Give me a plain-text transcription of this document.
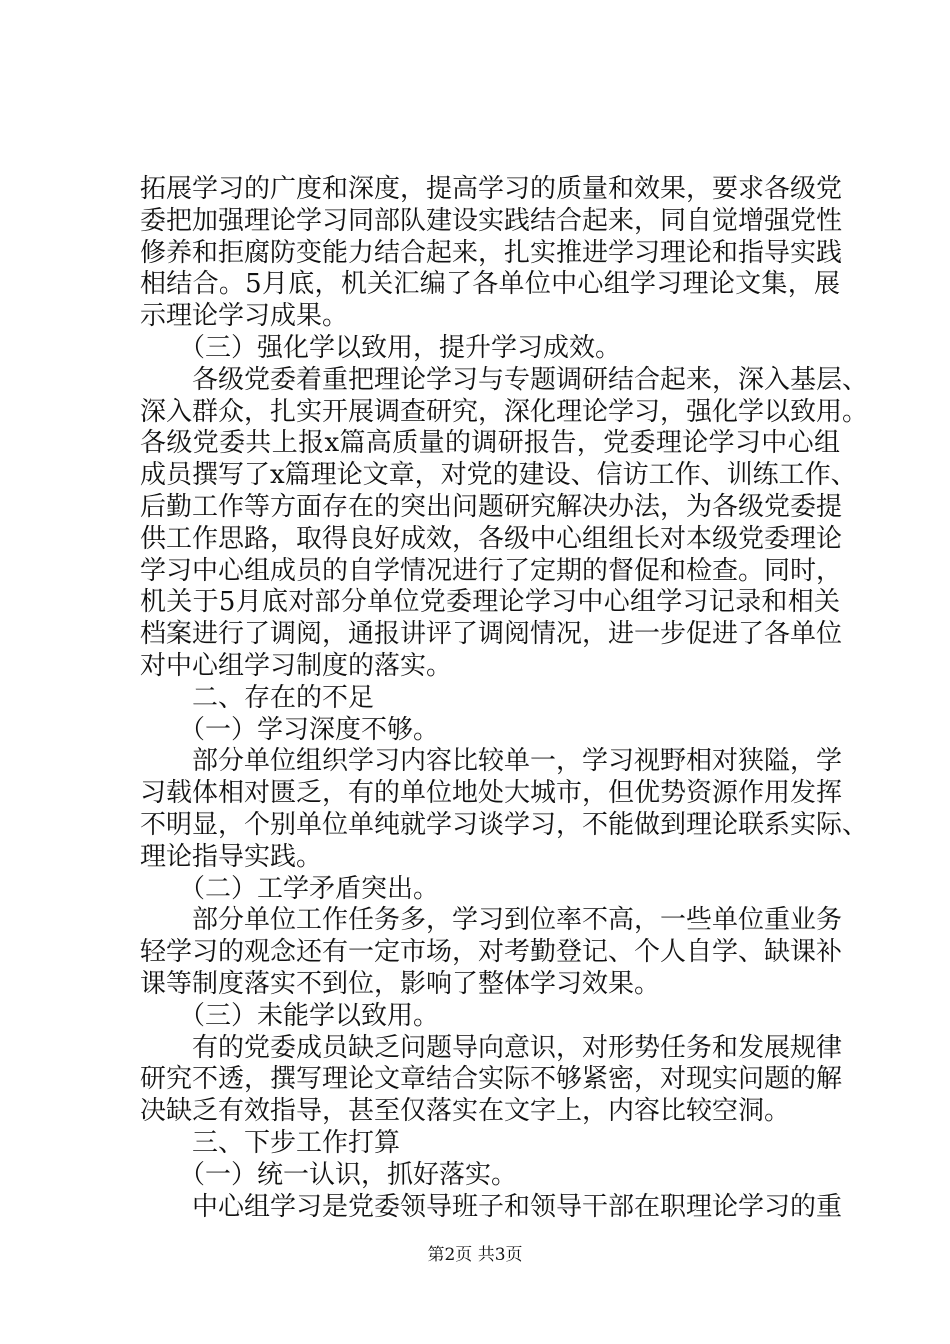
拓展学习的广度和深度，提高学习的质量和效果，要求各级党
委把加强理论学习同部队建设实践结合起来，同自觉增强党性
修养和拒腐防变能力结合起来，扎实推进学习理论和指导实践
相结合。5月底，机关汇编了各单位中心组学习理论文集，展
示理论学习成果。
　　（三）强化学以致用，提升学习成效。
　　各级党委着重把理论学习与专题调研结合起来，深入基层、
深入群众，扎实开展调查研究，深化理论学习，强化学以致用。
各级党委共上报x篇高质量的调研报告，党委理论学习中心组
成员撰写了x篇理论文章，对党的建设、信访工作、训练工作、
后勤工作等方面存在的突出问题研究解决办法，为各级党委提
供工作思路，取得良好成效，各级中心组组长对本级党委理论
学习中心组成员的自学情况进行了定期的督促和检查。同时，
机关于5月底对部分单位党委理论学习中心组学习记录和相关
档案进行了调阅，通报讲评了调阅情况，进一步促进了各单位
对中心组学习制度的落实。
　　二、存在的不足
　　（一）学习深度不够。
　　部分单位组织学习内容比较单一，学习视野相对狭隘，学
习载体相对匮乏，有的单位地处大城市，但优势资源作用发挥
不明显，个别单位单纯就学习谈学习，不能做到理论联系实际、
理论指导实践。
　　（二）工学矛盾突出。
　　部分单位工作任务多，学习到位率不高，一些单位重业务
轻学习的观念还有一定市场，对考勤登记、个人自学、缺课补
课等制度落实不到位，影响了整体学习效果。
　　（三）未能学以致用。
　　有的党委成员缺乏问题导向意识，对形势任务和发展规律
研究不透，撰写理论文章结合实际不够紧密，对现实问题的解
决缺乏有效指导，甚至仅落实在文字上，内容比较空洞。
　　三、下步工作打算
　　（一）统一认识，抓好落实。
　　中心组学习是党委领导班子和领导干部在职理论学习的重
第2页 共3页
